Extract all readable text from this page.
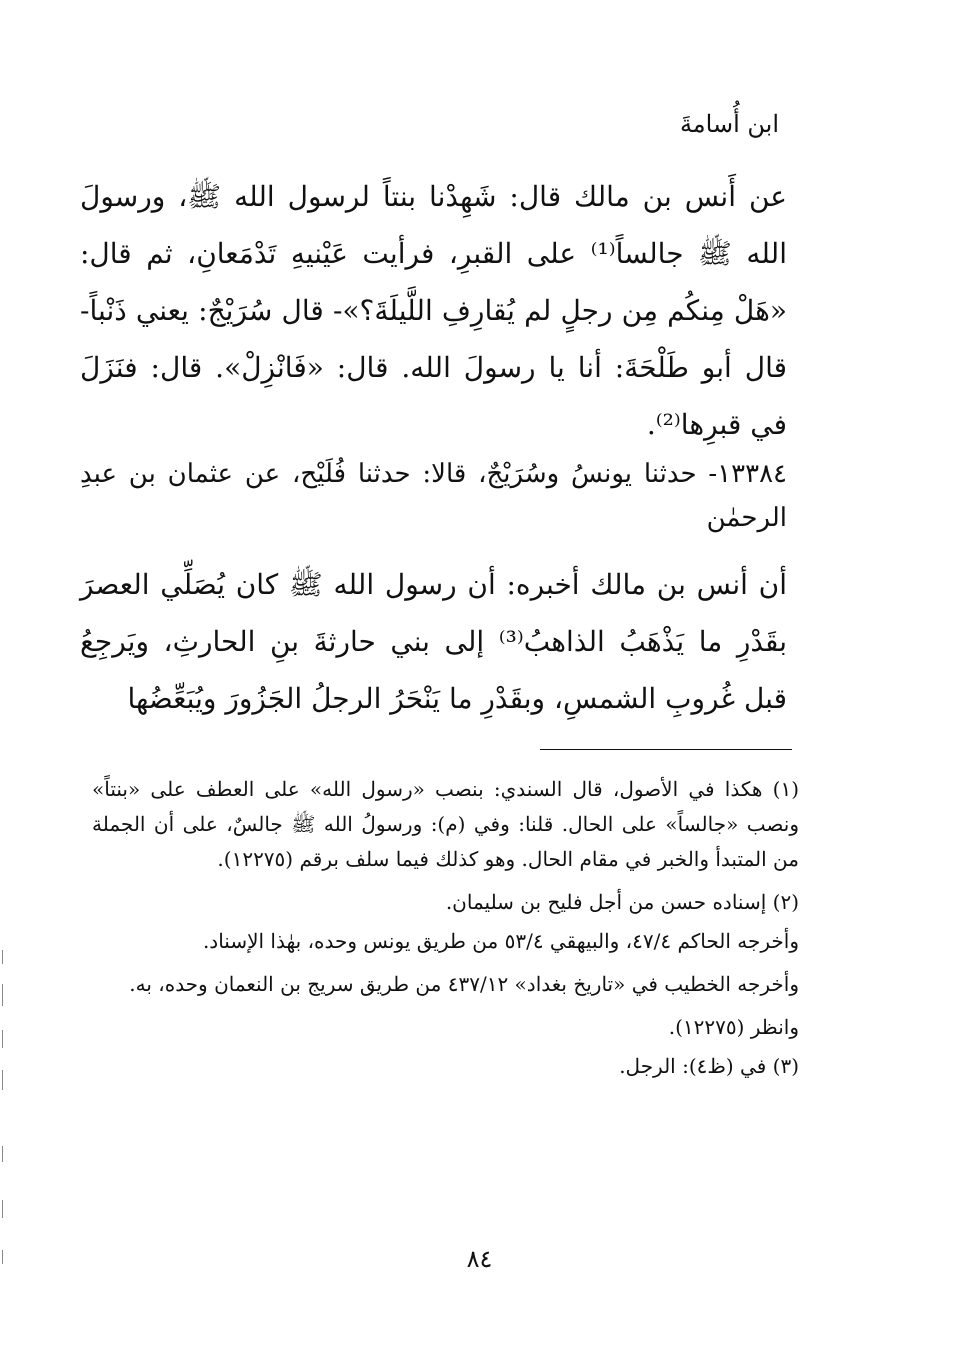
ابن أُسامةَ

عن أَنس بن مالك قال: شَهِدْنا بنتاً لرسول الله ﷺ، ورسولَ الله ﷺ جالساً⁽¹⁾ على القبرِ، فرأيت عَيْنيهِ تَدْمَعانِ، ثم قال: «هَلْ مِنكُم مِن رجلٍ لم يُقارِفِ اللَّيلَةَ؟»- قال سُرَيْجٌ: يعني ذَنْباً- قال أبو طَلْحَةَ: أنا يا رسولَ الله. قال: «فَانْزِلْ». قال: فنَزَلَ في قبرِها⁽²⁾.

١٣٣٨٤- حدثنا يونسُ وسُرَيْجٌ، قالا: حدثنا فُلَيْح، عن عثمان بن عبدِ الرحمٰن

أن أنس بن مالك أخبره: أن رسول الله ﷺ كان يُصَلِّي العصرَ بقَدْرِ ما يَذْهَبُ الذاهبُ⁽³⁾ إلى بني حارثةَ بنِ الحارثِ، ويَرجِعُ قبل غُروبِ الشمسِ، وبقَدْرِ ما يَنْحَرُ الرجلُ الجَزُورَ ويُبَعِّضُها

(١) هكذا في الأصول، قال السندي: بنصب «رسول الله» على العطف على «بنتاً» ونصب «جالساً» على الحال. قلنا: وفي (م): ورسولُ الله ﷺ جالسٌ، على أن الجملة من المتبدأ والخبر في مقام الحال. وهو كذلك فيما سلف برقم (١٢٢٧٥).

(٢) إسناده حسن من أجل فليح بن سليمان.

وأخرجه الحاكم ٤٧/٤، والبيهقي ٥٣/٤ من طريق يونس وحده، بهٰذا الإسناد.

وأخرجه الخطيب في «تاريخ بغداد» ٤٣٧/١٢ من طريق سريج بن النعمان وحده، به.

وانظر (١٢٢٧٥).

(٣) في (ظ٤): الرجل.

٨٤
